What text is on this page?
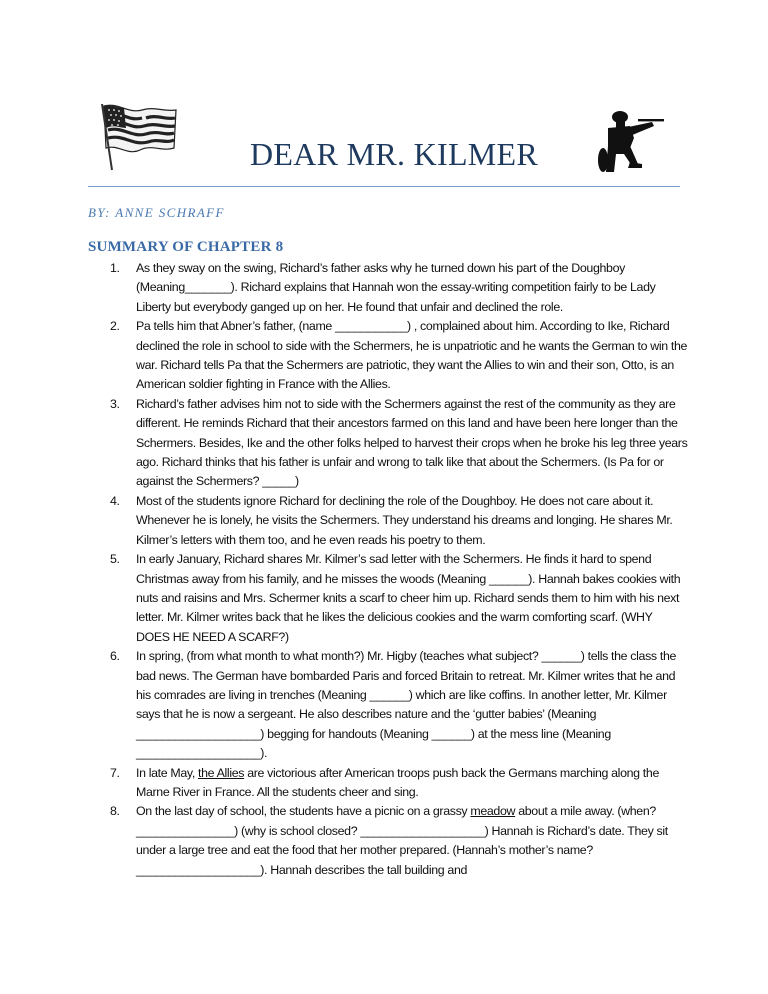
DEAR MR. KILMER
BY: ANNE SCHRAFF
SUMMARY OF CHAPTER 8
1. As they sway on the swing, Richard’s father asks why he turned down his part of the Doughboy (Meaning_______). Richard explains that Hannah won the essay-writing competition fairly to be Lady Liberty but everybody ganged up on her. He found that unfair and declined the role.
2. Pa tells him that Abner’s father, (name ___________) , complained about him. According to Ike, Richard declined the role in school to side with the Schermers, he is unpatriotic and he wants the German to win the war. Richard tells Pa that the Schermers are patriotic, they want the Allies to win and their son, Otto, is an American soldier fighting in France with the Allies.
3. Richard’s father advises him not to side with the Schermers against the rest of the community as they are different. He reminds Richard that their ancestors farmed on this land and have been here longer than the Schermers. Besides, Ike and the other folks helped to harvest their crops when he broke his leg three years ago. Richard thinks that his father is unfair and wrong to talk like that about the Schermers. (Is Pa for or against the Schermers? _____)
4. Most of the students ignore Richard for declining the role of the Doughboy. He does not care about it. Whenever he is lonely, he visits the Schermers. They understand his dreams and longing. He shares Mr. Kilmer’s letters with them too, and he even reads his poetry to them.
5. In early January, Richard shares Mr. Kilmer’s sad letter with the Schermers. He finds it hard to spend Christmas away from his family, and he misses the woods (Meaning ______). Hannah bakes cookies with nuts and raisins and Mrs. Schermer knits a scarf to cheer him up. Richard sends them to him with his next letter. Mr. Kilmer writes back that he likes the delicious cookies and the warm comforting scarf. (WHY DOES HE NEED A SCARF?)
6. In spring, (from what month to what month?) Mr. Higby (teaches what subject? ______) tells the class the bad news. The German have bombarded Paris and forced Britain to retreat. Mr. Kilmer writes that he and his comrades are living in trenches (Meaning ______) which are like coffins. In another letter, Mr. Kilmer says that he is now a sergeant. He also describes nature and the ‘gutter babies’ (Meaning ___________________) begging for handouts (Meaning ______) at the mess line (Meaning ___________________).
7. In late May, the Allies are victorious after American troops push back the Germans marching along the Marne River in France. All the students cheer and sing.
8. On the last day of school, the students have a picnic on a grassy meadow about a mile away. (when? _______________) (why is school closed? ___________________) Hannah is Richard’s date. They sit under a large tree and eat the food that her mother prepared. (Hannah’s mother’s name? ___________________). Hannah describes the tall building and
